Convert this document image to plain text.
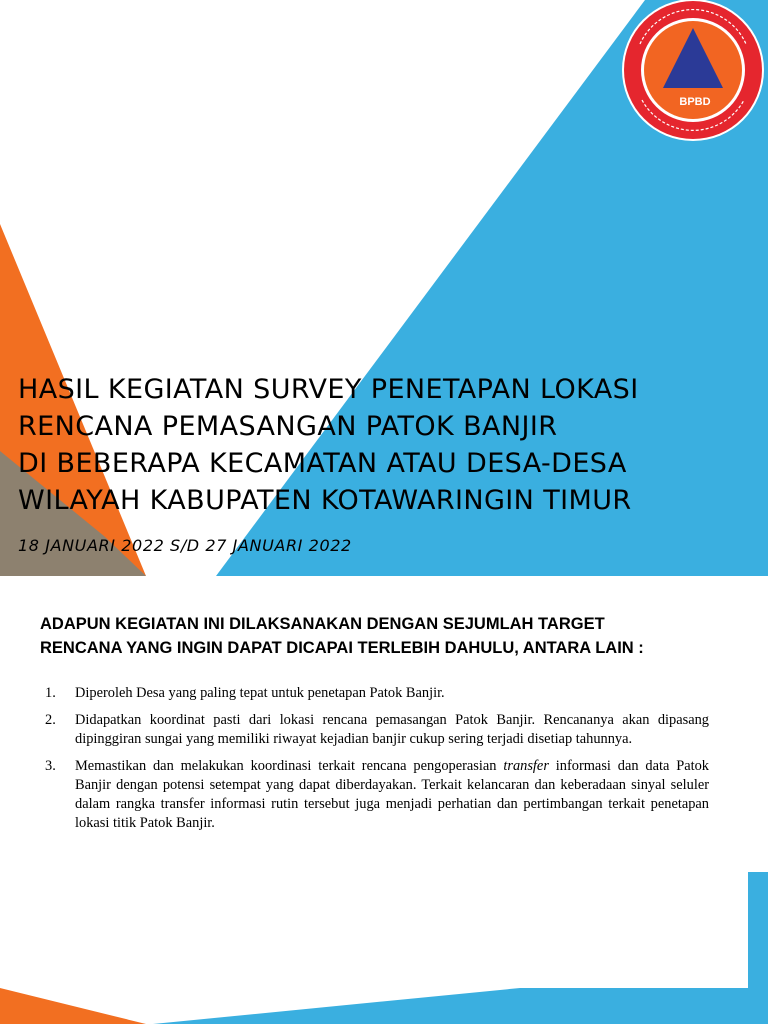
BPBD
HASIL KEGIATAN SURVEY PENETAPAN LOKASI
RENCANA PEMASANGAN PATOK BANJIR
DI BEBERAPA KECAMATAN ATAU DESA-DESA
WILAYAH KABUPATEN KOTAWARINGIN TIMUR

18 JANUARI 2022 S/D 27 JANUARI 2022

ADAPUN KEGIATAN INI DILAKSANAKAN DENGAN SEJUMLAH TARGET
RENCANA YANG INGIN DAPAT DICAPAI TERLEBIH DAHULU, ANTARA LAIN :
1. Diperoleh Desa yang paling tepat untuk penetapan Patok Banjir.
2. Didapatkan koordinat pasti dari lokasi rencana pemasangan Patok Banjir. Rencananya akan dipasang dipinggiran sungai yang memiliki riwayat kejadian banjir cukup sering terjadi disetiap tahunnya.
3. Memastikan dan melakukan koordinasi terkait rencana pengoperasian transfer informasi dan data Patok Banjir dengan potensi setempat yang dapat diberdayakan. Terkait kelancaran dan keberadaan sinyal seluler dalam rangka transfer informasi rutin tersebut juga menjadi perhatian dan pertimbangan terkait penetapan lokasi titik Patok Banjir.
